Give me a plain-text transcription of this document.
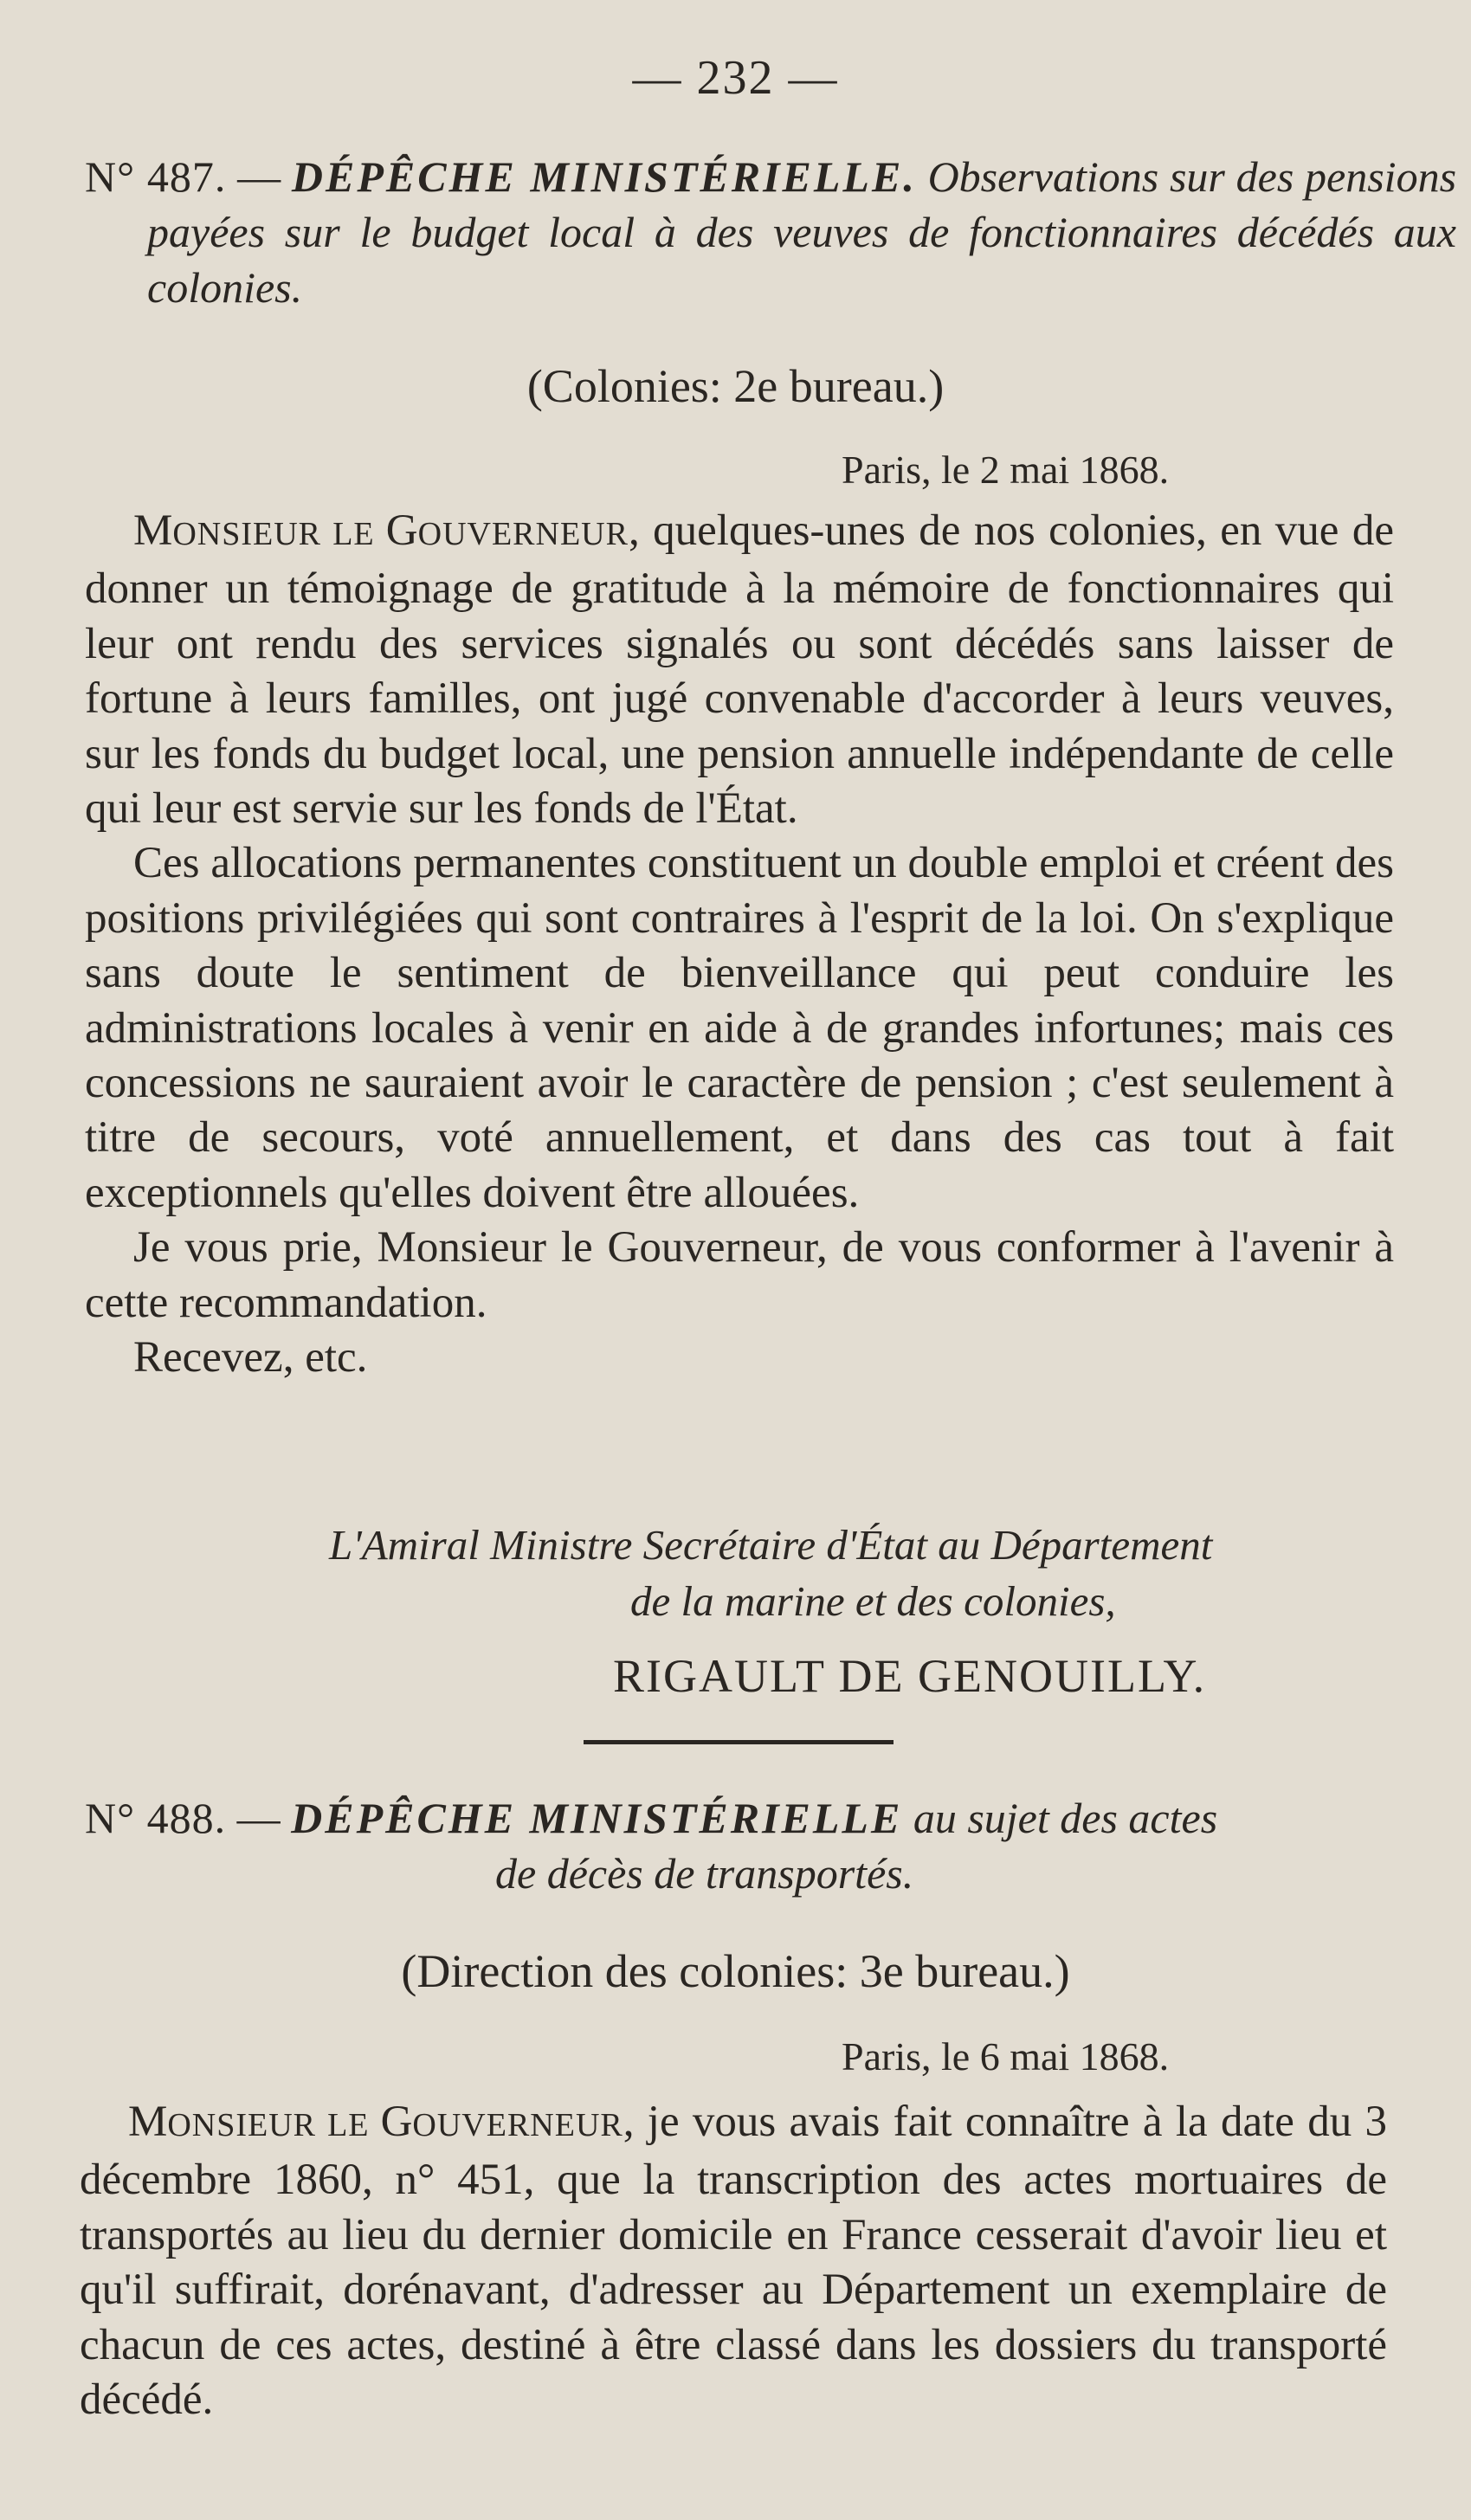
— 232 —
N° 487. — DÉPÊCHE MINISTÉRIELLE. Observations sur des pensions payées sur le budget local à des veuves de fonctionnaires décédés aux colonies.
(Colonies: 2e bureau.)
Paris, le 2 mai 1868.

MONSIEUR LE GOUVERNEUR, quelques-unes de nos colonies, en vue de donner un témoignage de gratitude à la mémoire de fonctionnaires qui leur ont rendu des services signalés ou sont décédés sans laisser de fortune à leurs familles, ont jugé convenable d'accorder à leurs veuves, sur les fonds du budget local, une pension annuelle indépendante de celle qui leur est servie sur les fonds de l'État.

Ces allocations permanentes constituent un double emploi et créent des positions privilégiées qui sont contraires à l'esprit de la loi. On s'explique sans doute le sentiment de bienveillance qui peut conduire les administrations locales à venir en aide à de grandes infortunes; mais ces concessions ne sauraient avoir le caractère de pension ; c'est seulement à titre de secours, voté annuellement, et dans des cas tout à fait exceptionnels qu'elles doivent être allouées.

Je vous prie, Monsieur le Gouverneur, de vous conformer à l'avenir à cette recommandation.

Recevez, etc.

L'Amiral Ministre Secrétaire d'État au Département
de la marine et des colonies,
RIGAULT DE GENOUILLY.
N° 488. — DÉPÊCHE MINISTÉRIELLE au sujet des actes
de décès de transportés.
(Direction des colonies: 3e bureau.)
Paris, le 6 mai 1868.

MONSIEUR LE GOUVERNEUR, je vous avais fait connaître à la date du 3 décembre 1860, n° 451, que la transcription des actes mortuaires de transportés au lieu du dernier domicile en France cesserait d'avoir lieu et qu'il suffirait, dorénavant, d'adresser au Département un exemplaire de chacun de ces actes, destiné à être classé dans les dossiers du transporté décédé.
